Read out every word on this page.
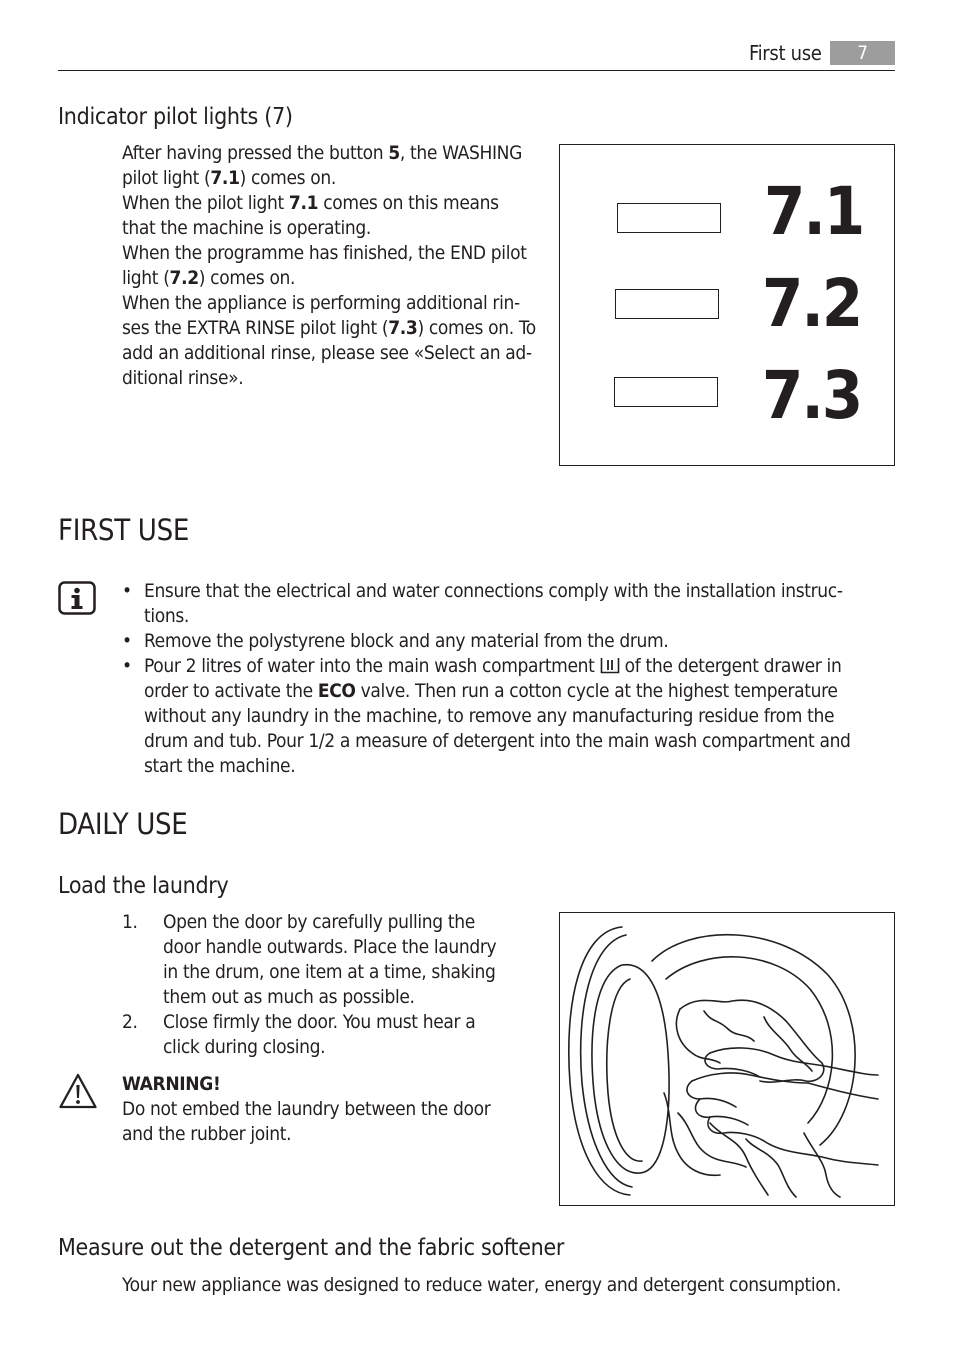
First use	7
Indicator pilot lights (7)
After having pressed the button 5, the WASHING
pilot light (7.1) comes on.
When the pilot light 7.1 comes on this means
that the machine is operating.
When the programme has finished, the END pilot
light (7.2) comes on.
When the appliance is performing additional rin-
ses the EXTRA RINSE pilot light (7.3) comes on. To
add an additional rinse, please see «Select an ad-
ditional rinse».
7.1
7.2
7.3
FIRST USE
• Ensure that the electrical and water connections comply with the installation instruc-
tions.
• Remove the polystyrene block and any material from the drum.
• Pour 2 litres of water into the main wash compartment  of the detergent drawer in
order to activate the ECO valve. Then run a cotton cycle at the highest temperature
without any laundry in the machine, to remove any manufacturing residue from the
drum and tub. Pour 1/2 a measure of detergent into the main wash compartment and
start the machine.
DAILY USE
Load the laundry
1. Open the door by carefully pulling the
door handle outwards. Place the laundry
in the drum, one item at a time, shaking
them out as much as possible.
2. Close firmly the door. You must hear a
click during closing.
WARNING!
Do not embed the laundry between the door
and the rubber joint.
Measure out the detergent and the fabric softener
Your new appliance was designed to reduce water, energy and detergent consumption.
